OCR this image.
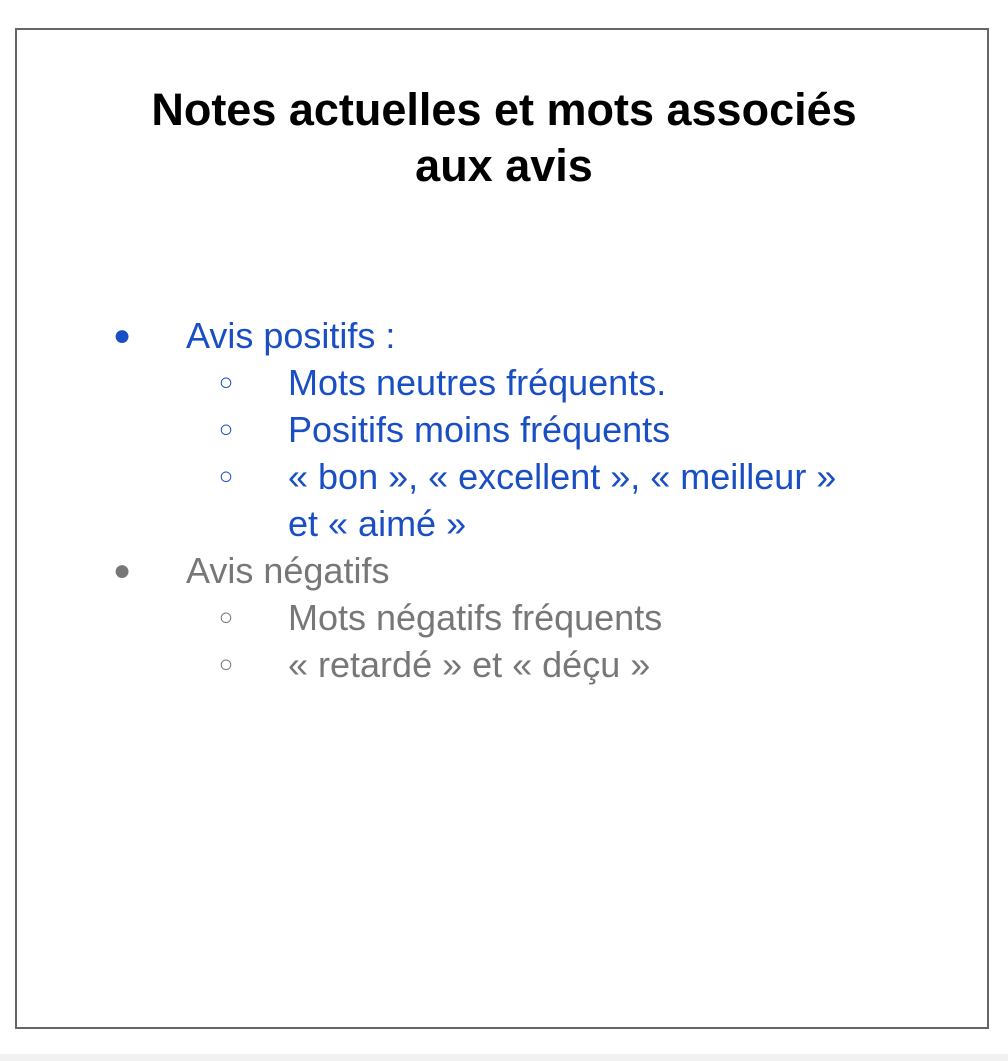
Notes actuelles et mots associés
aux avis
● Avis positifs :
○ Mots neutres fréquents.
○ Positifs moins fréquents
○ « bon », « excellent », « meilleur »
et « aimé »
● Avis négatifs
○ Mots négatifs fréquents
○ « retardé » et « déçu »
